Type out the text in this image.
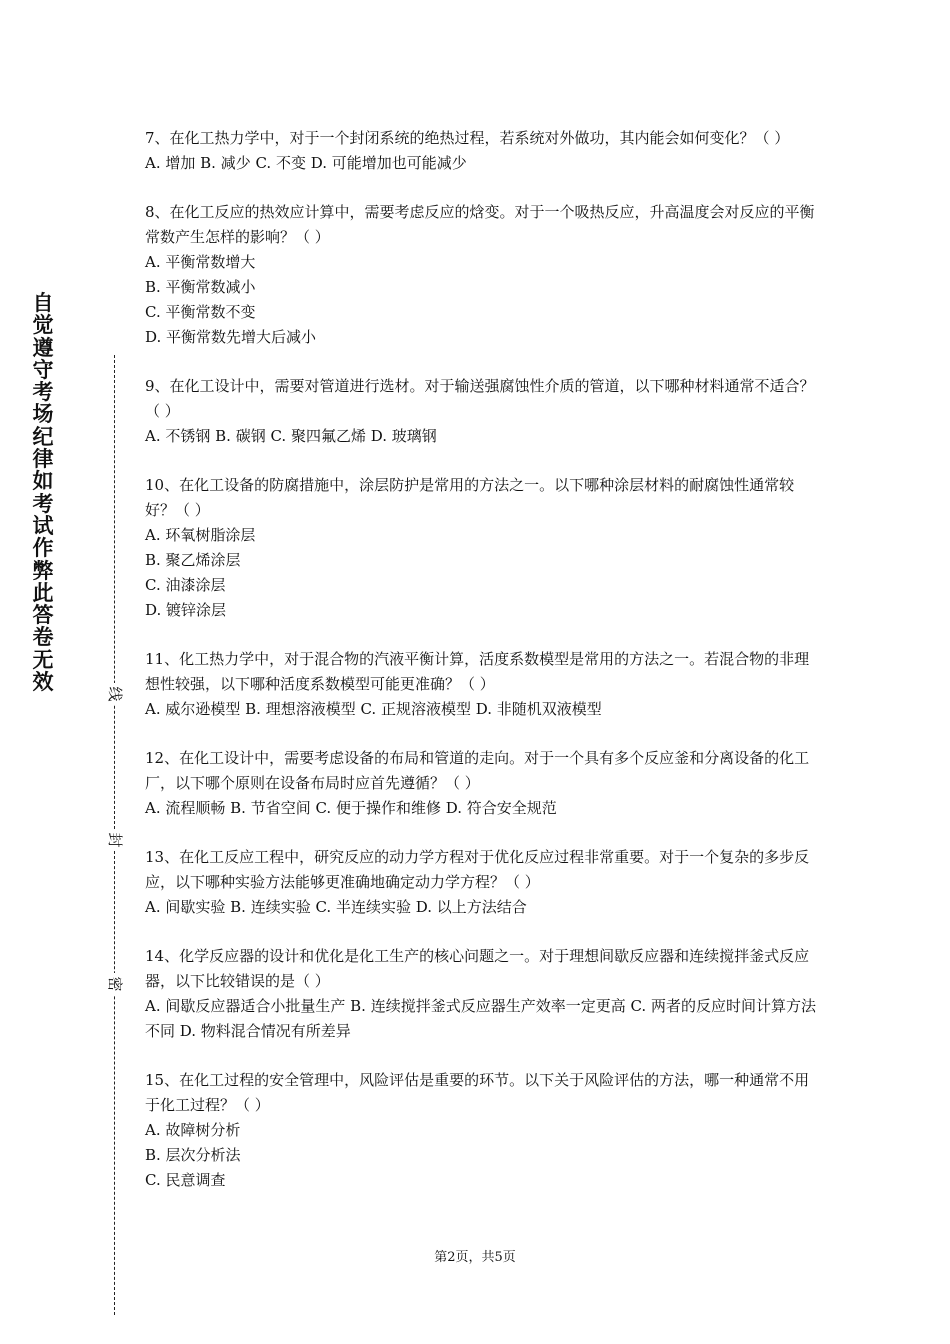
自觉遵守考场纪律如考试作弊此答卷无效	线
封
密

7、在化工热力学中，对于一个封闭系统的绝热过程，若系统对外做功，其内能会如何变化？（ ）

A. 增加 B. 减少 C. 不变 D. 可能增加也可能减少

8、在化工反应的热效应计算中，需要考虑反应的焓变。对于一个吸热反应，升高温度会对反应的平衡常数产生怎样的影响？（ ）

A. 平衡常数增大

B. 平衡常数减小

C. 平衡常数不变

D. 平衡常数先增大后减小

9、在化工设计中，需要对管道进行选材。对于输送强腐蚀性介质的管道，以下哪种材料通常不适合？（ ）

A. 不锈钢 B. 碳钢 C. 聚四氟乙烯 D. 玻璃钢

10、在化工设备的防腐措施中，涂层防护是常用的方法之一。以下哪种涂层材料的耐腐蚀性通常较好？（ ）

A. 环氧树脂涂层

B. 聚乙烯涂层

C. 油漆涂层

D. 镀锌涂层

11、化工热力学中，对于混合物的汽液平衡计算，活度系数模型是常用的方法之一。若混合物的非理想性较强，以下哪种活度系数模型可能更准确？（ ）

A. 威尔逊模型 B. 理想溶液模型 C. 正规溶液模型 D. 非随机双液模型

12、在化工设计中，需要考虑设备的布局和管道的走向。对于一个具有多个反应釜和分离设备的化工厂，以下哪个原则在设备布局时应首先遵循？（ ）

A. 流程顺畅 B. 节省空间 C. 便于操作和维修 D. 符合安全规范

13、在化工反应工程中，研究反应的动力学方程对于优化反应过程非常重要。对于一个复杂的多步反应，以下哪种实验方法能够更准确地确定动力学方程？（ ）

A. 间歇实验 B. 连续实验 C. 半连续实验 D. 以上方法结合

14、化学反应器的设计和优化是化工生产的核心问题之一。对于理想间歇反应器和连续搅拌釜式反应器，以下比较错误的是（ ）

A. 间歇反应器适合小批量生产 B. 连续搅拌釜式反应器生产效率一定更高 C. 两者的反应时间计算方法不同 D. 物料混合情况有所差异

15、在化工过程的安全管理中，风险评估是重要的环节。以下关于风险评估的方法，哪一种通常不用于化工过程？（ ）

A. 故障树分析

B. 层次分析法

C. 民意调查

第2页，共5页
